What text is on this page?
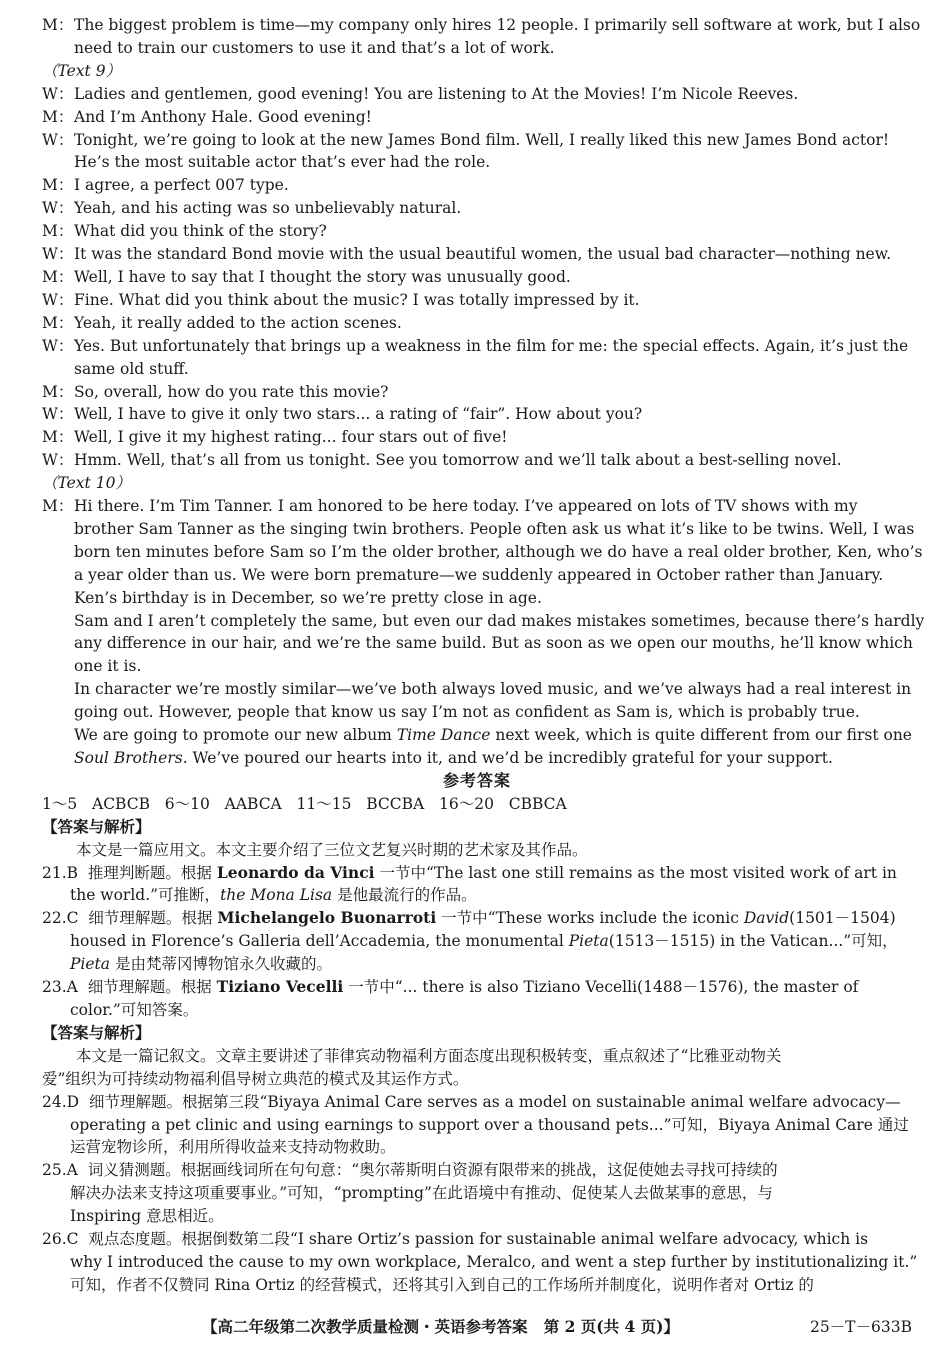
M：The biggest problem is time—my company only hires 12 people. I primarily sell software at work, but I also
need to train our customers to use it and that’s a lot of work.
（Text 9）
W：Ladies and gentlemen, good evening! You are listening to At the Movies! I’m Nicole Reeves.
M：And I’m Anthony Hale. Good evening!
W：Tonight, we’re going to look at the new James Bond film. Well, I really liked this new James Bond actor!
He’s the most suitable actor that’s ever had the role.
M：I agree, a perfect 007 type.
W：Yeah, and his acting was so unbelievably natural.
M：What did you think of the story?
W：It was the standard Bond movie with the usual beautiful women, the usual bad character—nothing new.
M：Well, I have to say that I thought the story was unusually good.
W：Fine. What did you think about the music? I was totally impressed by it.
M：Yeah, it really added to the action scenes.
W：Yes. But unfortunately that brings up a weakness in the film for me: the special effects. Again, it’s just the
same old stuff.
M：So, overall, how do you rate this movie?
W：Well, I have to give it only two stars... a rating of “fair”. How about you?
M：Well, I give it my highest rating... four stars out of five!
W：Hmm. Well, that’s all from us tonight. See you tomorrow and we’ll talk about a best-selling novel.
（Text 10）
M：Hi there. I’m Tim Tanner. I am honored to be here today. I’ve appeared on lots of TV shows with my
brother Sam Tanner as the singing twin brothers. People often ask us what it’s like to be twins. Well, I was
born ten minutes before Sam so I’m the older brother, although we do have a real older brother, Ken, who’s
a year older than us. We were born premature—we suddenly appeared in October rather than January.
Ken’s birthday is in December, so we’re pretty close in age.
Sam and I aren’t completely the same, but even our dad makes mistakes sometimes, because there’s hardly
any difference in our hair, and we’re the same build. But as soon as we open our mouths, he’ll know which
one it is.
In character we’re mostly similar—we’ve both always loved music, and we’ve always had a real interest in
going out. However, people that know us say I’m not as confident as Sam is, which is probably true.
We are going to promote our new album Time Dance next week, which is quite different from our first one
Soul Brothers. We’ve poured our hearts into it, and we’d be incredibly grateful for your support.
参考答案
1～5   ACBCB   6～10   AABCA   11～15   BCCBA   16～20   CBBCA
【答案与解析】
本文是一篇应用文。本文主要介绍了三位文艺复兴时期的艺术家及其作品。
21.B 推理判断题。根据 Leonardo da Vinci 一节中“The last one still remains as the most visited work of art in
the world.”可推断，the Mona Lisa 是他最流行的作品。
22.C 细节理解题。根据 Michelangelo Buonarroti 一节中“These works include the iconic David(1501－1504)
housed in Florence’s Galleria dell’Accademia, the monumental Pieta(1513－1515) in the Vatican...”可知，
Pieta 是由梵蒂冈博物馆永久收藏的。
23.A 细节理解题。根据 Tiziano Vecelli 一节中“... there is also Tiziano Vecelli(1488－1576), the master of
color.”可知答案。
【答案与解析】
本文是一篇记叙文。文章主要讲述了菲律宾动物福利方面态度出现积极转变，重点叙述了“比雅亚动物关
爱”组织为可持续动物福利倡导树立典范的模式及其运作方式。
24.D 细节理解题。根据第三段“Biyaya Animal Care serves as a model on sustainable animal welfare advocacy—
operating a pet clinic and using earnings to support over a thousand pets...”可知，Biyaya Animal Care 通过
运营宠物诊所，利用所得收益来支持动物救助。
25.A 词义猜测题。根据画线词所在句句意：“奥尔蒂斯明白资源有限带来的挑战，这促使她去寻找可持续的
解决办法来支持这项重要事业。”可知，“prompting”在此语境中有推动、促使某人去做某事的意思，与
Inspiring 意思相近。
26.C 观点态度题。根据倒数第二段“I share Ortiz’s passion for sustainable animal welfare advocacy, which is
why I introduced the cause to my own workplace, Meralco, and went a step further by institutionalizing it.”
可知，作者不仅赞同 Rina Ortiz 的经营模式，还将其引入到自己的工作场所并制度化，说明作者对 Ortiz 的
【高二年级第二次教学质量检测・英语参考答案   第 2 页(共 4 页)】	25－T－633B
